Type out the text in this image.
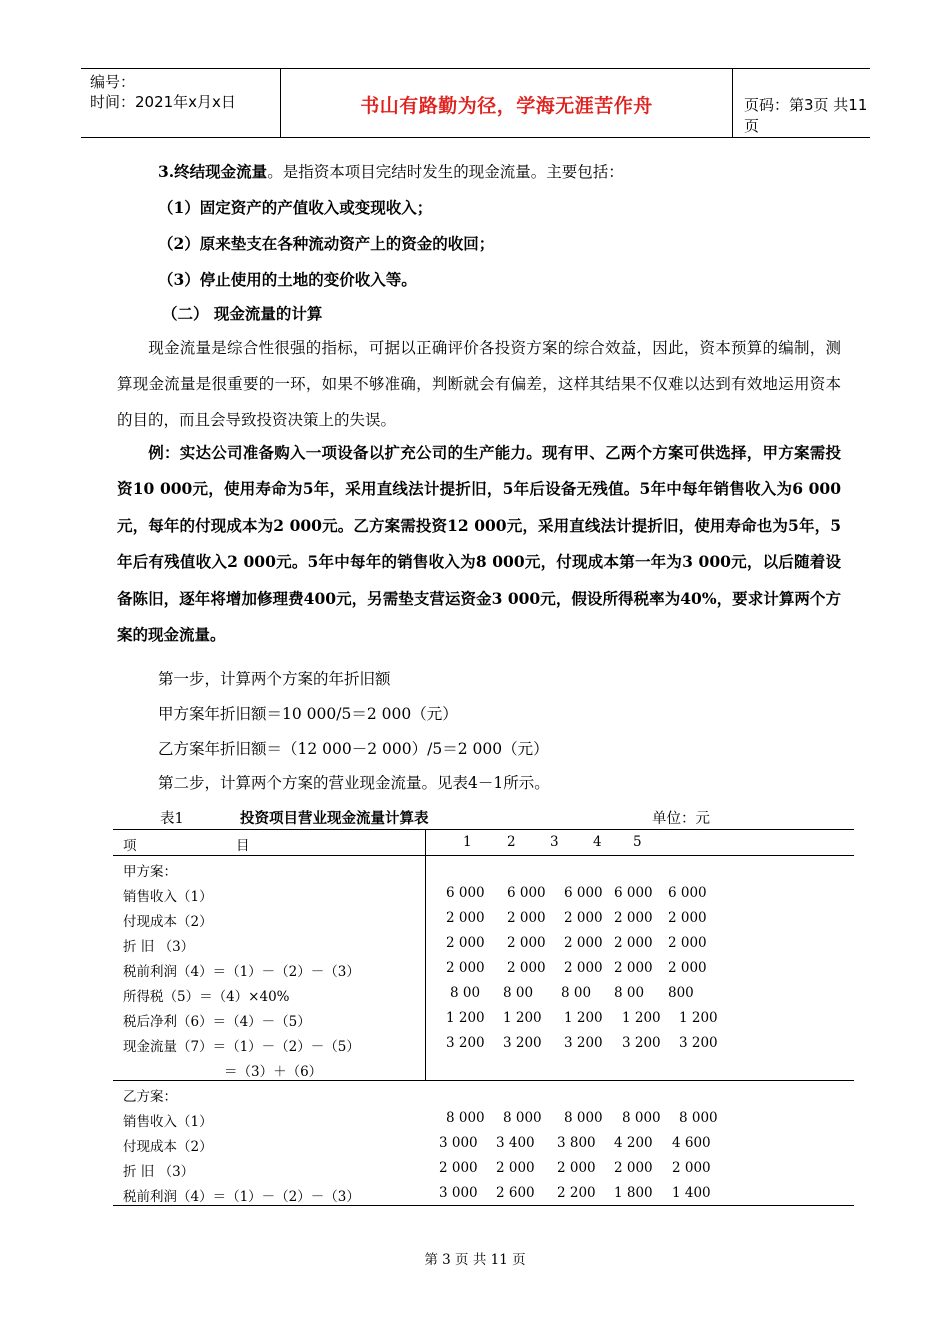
编号：
时间：2021年x月x日	书山有路勤为径，学海无涯苦作舟	页码：第3页 共11页
3.终结现金流量。是指资本项目完结时发生的现金流量。主要包括：
（1）固定资产的产值收入或变现收入；
（2）原来垫支在各种流动资产上的资金的收回；
（3）停止使用的土地的变价收入等。
（二） 现金流量的计算
现金流量是综合性很强的指标，可据以正确评价各投资方案的综合效益，因此，资本预算的编制，测算现金流量是很重要的一环，如果不够准确，判断就会有偏差，这样其结果不仅难以达到有效地运用资本的目的，而且会导致投资决策上的失误。
例：实达公司准备购入一项设备以扩充公司的生产能力。现有甲、乙两个方案可供选择，甲方案需投资10 000元，使用寿命为5年，采用直线法计提折旧，5年后设备无残值。5年中每年销售收入为6 000元，每年的付现成本为2 000元。乙方案需投资12 000元，采用直线法计提折旧，使用寿命也为5年，5年后有残值收入2 000元。5年中每年的销售收入为8 000元，付现成本第一年为3 000元，以后随着设备陈旧，逐年将增加修理费400元，另需垫支营运资金3 000元，假设所得税率为40%，要求计算两个方案的现金流量。
第一步，计算两个方案的年折旧额
甲方案年折旧额＝10 000/5＝2 000（元）
乙方案年折旧额＝（12 000－2 000）/5＝2 000（元）
第二步，计算两个方案的营业现金流量。见表4－1所示。
表1	投资项目营业现金流量计算表	单位：元
项	目	1	2	3	4 5
甲方案：
销售收入（1）	6 000 6 000 6 000 6 000 6 000
付现成本（2）	2 000 2 000 2 000 2 000 2 000
折 旧 （3）	2 000 2 000 2 000 2 000 2 000
税前利润（4）＝（1）－（2）－（3）	2 000 2 000 2 000 2 000 2 000
所得税（5）＝（4）×40%	8 00 8 00 8 00 8 00 800
税后净利（6）＝（4）－（5）	1 200 1 200 1 200 1 200 1 200
现金流量（7）＝（1）－（2）－（5）	3 200 3 200 3 200 3 200 3 200
＝（3）＋（6）
乙方案：
销售收入（1）	8 000 8 000 8 000 8 000 8 000
付现成本（2）	3 000 3 400 3 800 4 200 4 600
折 旧 （3）	2 000 2 000 2 000 2 000 2 000
税前利润（4）＝（1）－（2）－（3）	3 000 2 600 2 200 1 800 1 400
第 3 页 共 11 页
